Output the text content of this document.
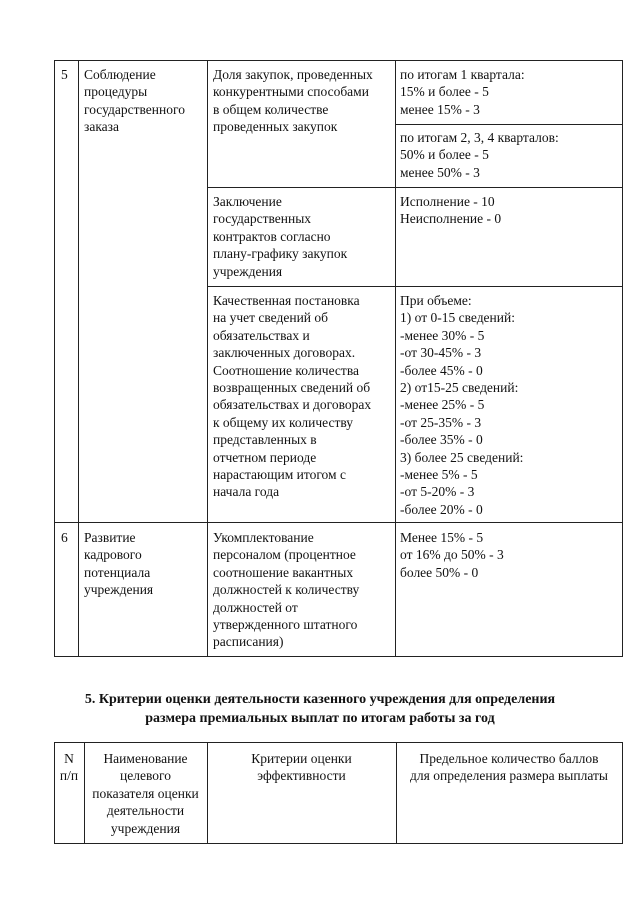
5 Соблюдение
процедуры
государственного
заказа
Доля закупок, проведенных
конкурентными способами
в общем количестве
проведенных закупок
по итогам 1 квартала:
15% и более - 5
менее 15% - 3
по итогам 2, 3, 4 кварталов:
50% и более - 5
менее 50% - 3
Заключение
государственных
контрактов согласно
плану-графику закупок
учреждения
Исполнение - 10
Неисполнение - 0
Качественная постановка
на учет сведений об
обязательствах и
заключенных договорах.
Соотношение количества
возвращенных сведений об
обязательствах и договорах
к общему их количеству
представленных в
отчетном периоде
нарастающим итогом с
начала года
При объеме:
1) от 0-15 сведений:
-менее 30% - 5
-от 30-45% - 3
-более 45% - 0
2) от15-25 сведений:
-менее 25% - 5
-от 25-35% - 3
-более 35% - 0
3) более 25 сведений:
-менее 5% - 5
-от 5-20% - 3
-более 20% - 0
6 Развитие
кадрового
потенциала
учреждения
Укомплектование
персоналом (процентное
соотношение вакантных
должностей к количеству
должностей от
утвержденного штатного
расписания)
Менее 15% - 5
от 16% до 50% - 3
более 50% - 0
5. Критерии оценки деятельности казенного учреждения для определения
размера премиальных выплат по итогам работы за год
N
п/п
Наименование
целевого
показателя оценки
деятельности
учреждения
Критерии оценки
эффективности
Предельное количество баллов
для определения размера выплаты
